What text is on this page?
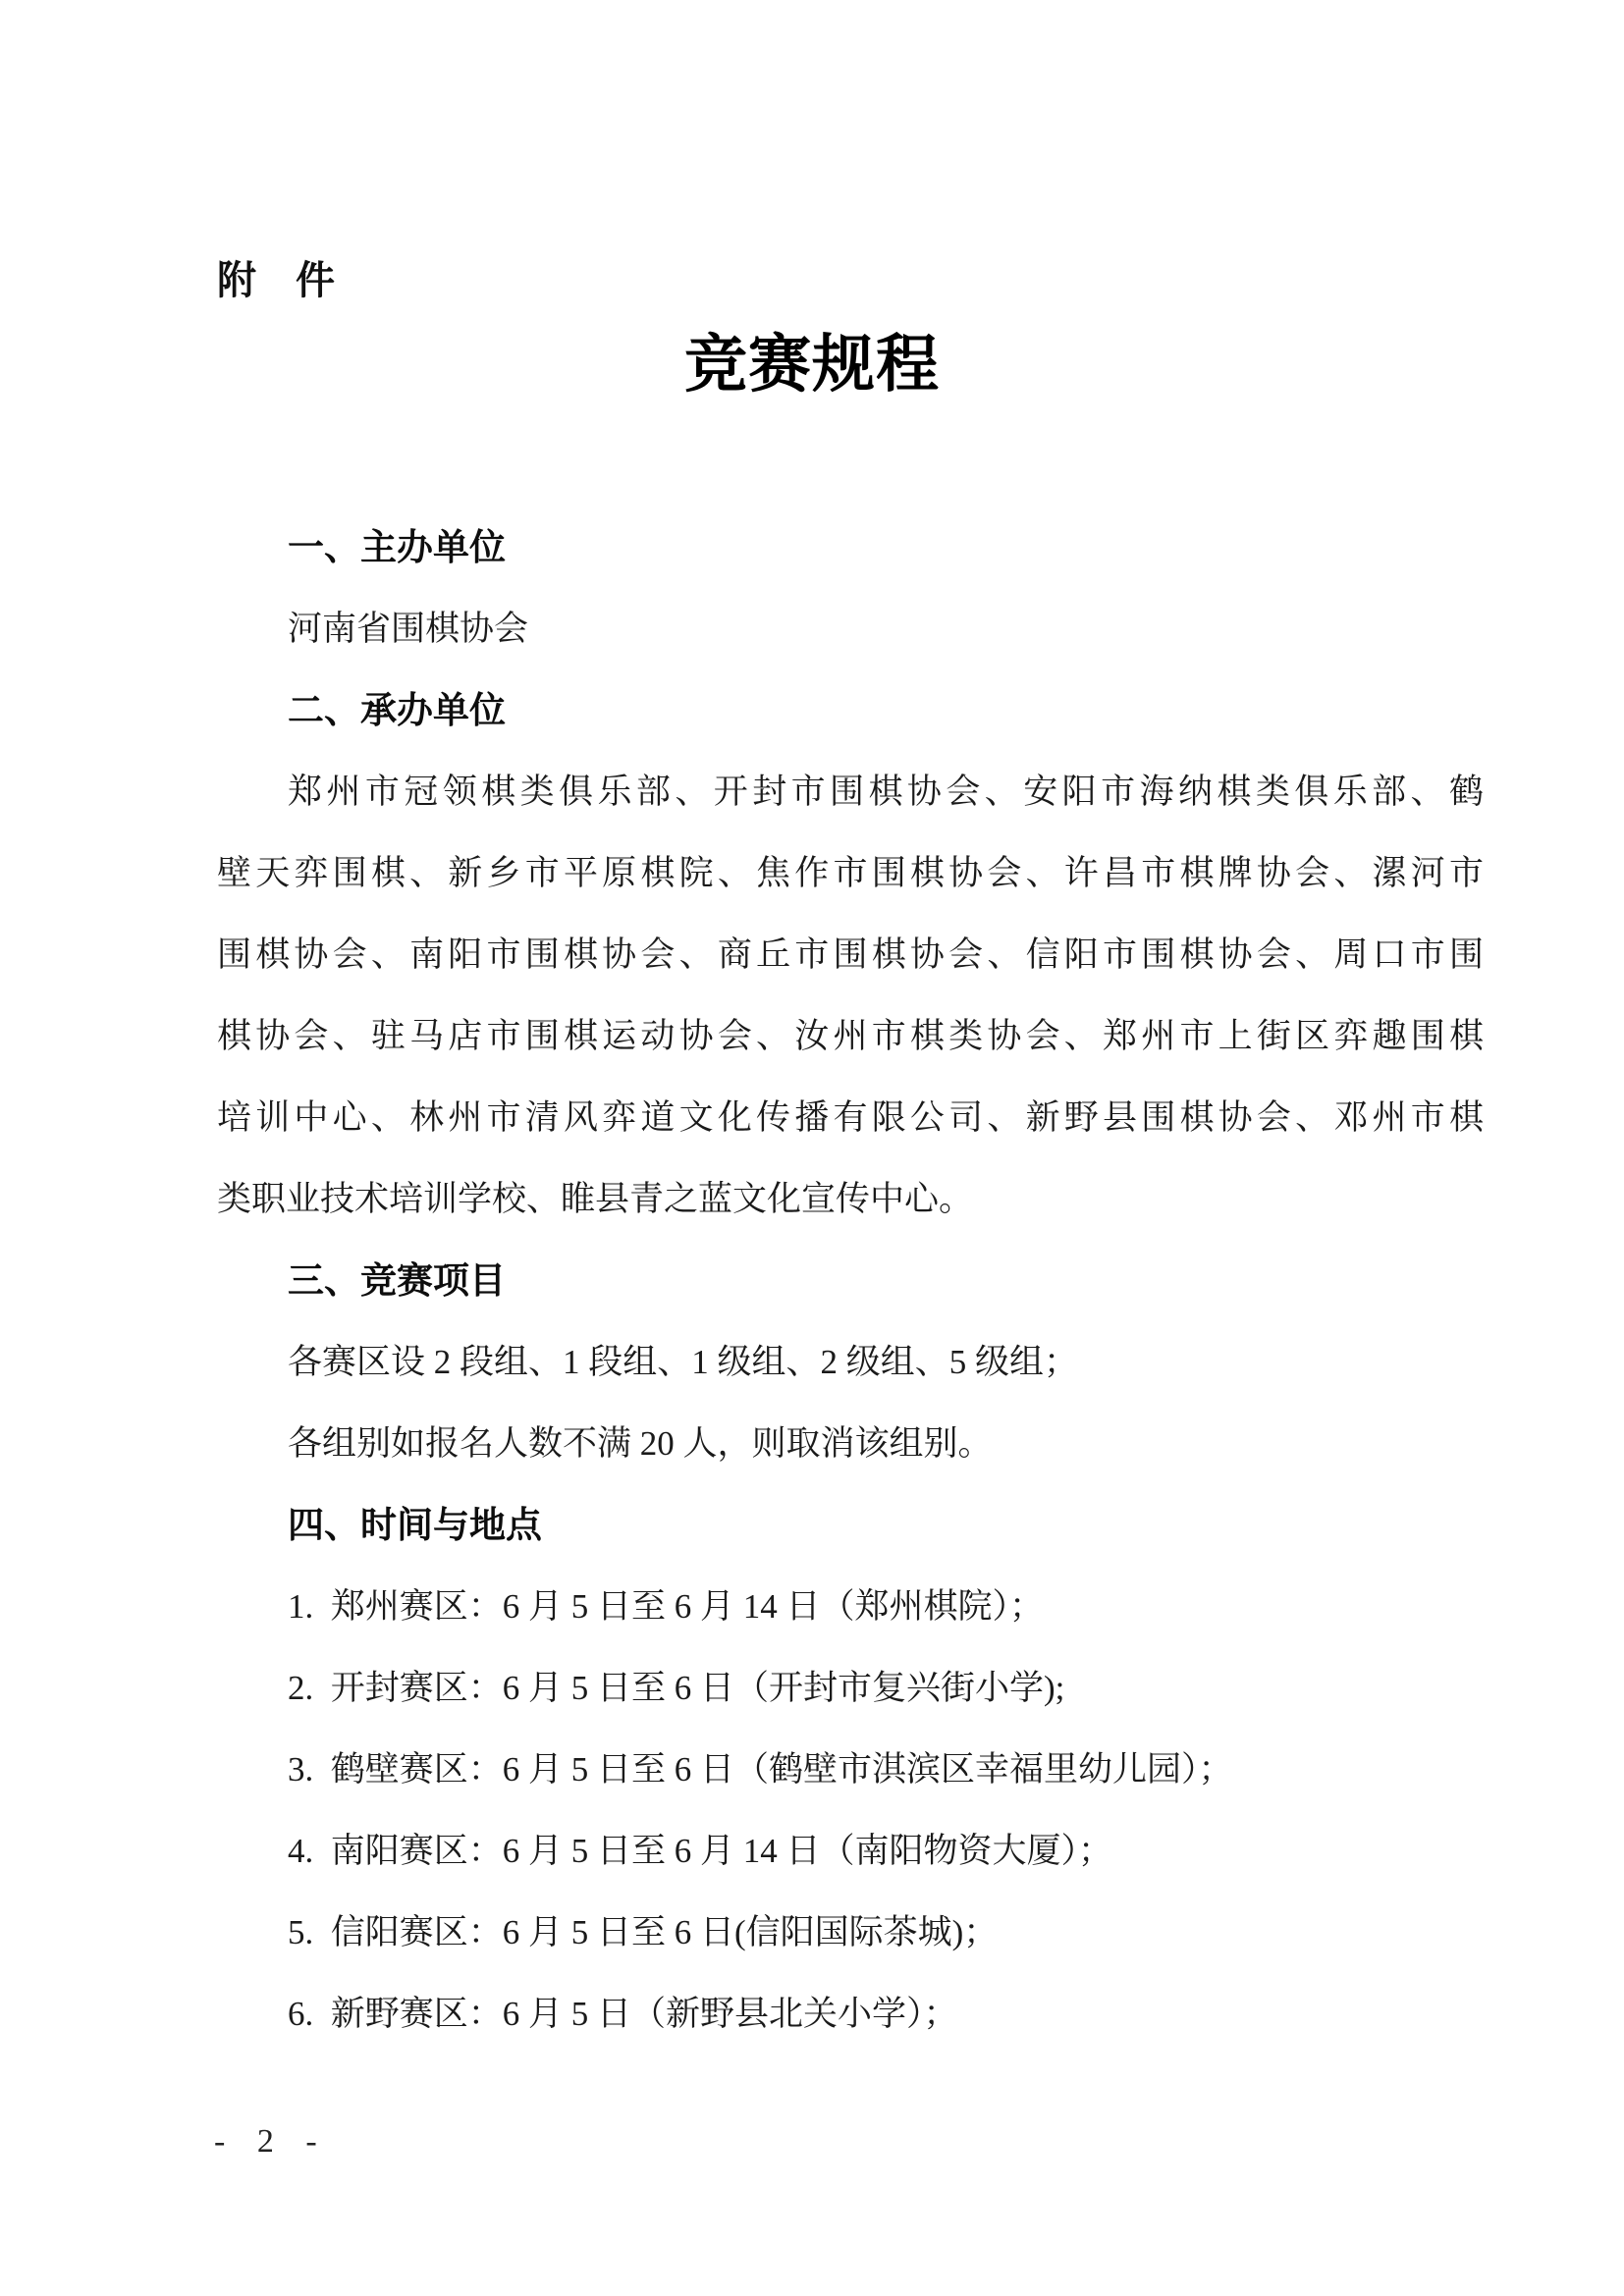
附　件
竞赛规程
一、主办单位
河南省围棋协会
二、承办单位
郑州市冠领棋类俱乐部、开封市围棋协会、安阳市海纳棋类俱乐部、鹤
壁天弈围棋、新乡市平原棋院、焦作市围棋协会、许昌市棋牌协会、漯河市
围棋协会、南阳市围棋协会、商丘市围棋协会、信阳市围棋协会、周口市围
棋协会、驻马店市围棋运动协会、汝州市棋类协会、郑州市上街区弈趣围棋
培训中心、林州市清风弈道文化传播有限公司、新野县围棋协会、邓州市棋
类职业技术培训学校、睢县青之蓝文化宣传中心。
三、竞赛项目
各赛区设 2 段组、1 段组、1 级组、2 级组、5 级组；
各组别如报名人数不满 20 人，则取消该组别。
四、时间与地点
1.  郑州赛区：6 月 5 日至 6 月 14 日（郑州棋院）；
2.  开封赛区：6 月 5 日至 6 日（开封市复兴街小学);
3.  鹤壁赛区：6 月 5 日至 6 日（鹤壁市淇滨区幸福里幼儿园）；
4.  南阳赛区：6 月 5 日至 6 月 14 日（南阳物资大厦）；
5.  信阳赛区：6 月 5 日至 6 日(信阳国际茶城)；
6.  新野赛区：6 月 5 日（新野县北关小学）；
- 2 -
